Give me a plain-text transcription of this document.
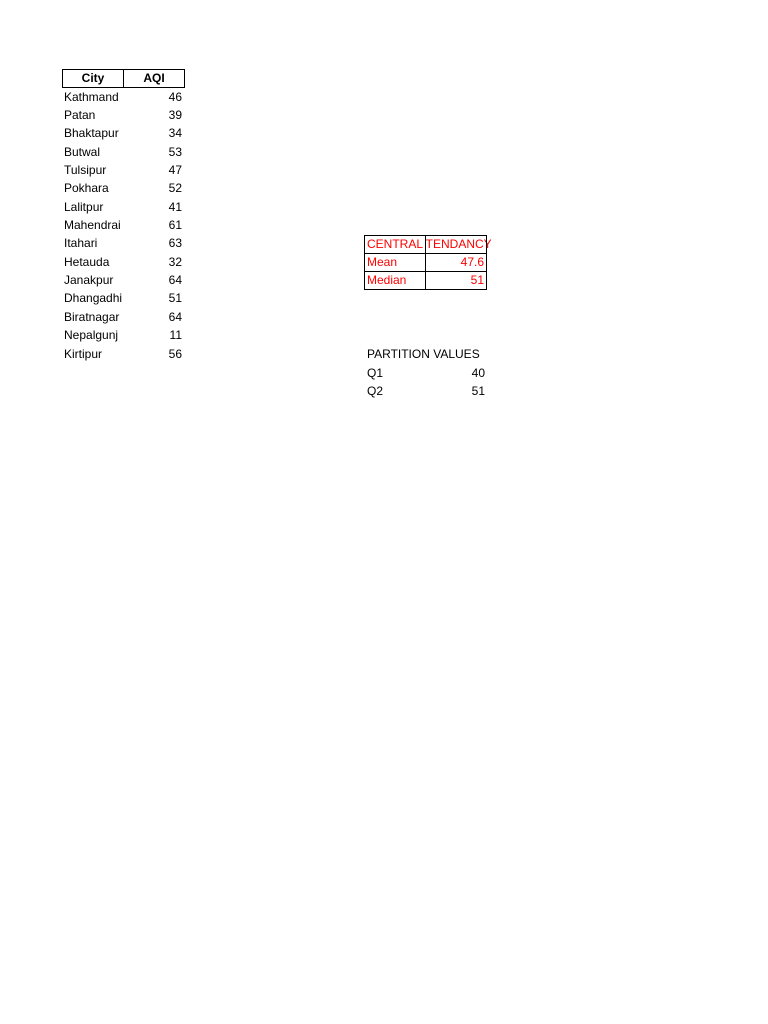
City	AQI
Kathmand	46
Patan	39
Bhaktapur	34
Butwal	53
Tulsipur	47
Pokhara	52
Lalitpur	41
Mahendrai	61
Itahari	63
Hetauda	32
Janakpur	64
Dhangadhi	51
Biratnagar	64
Nepalgunj	11
Kirtipur	56
CENTRAL TENDANCY
Mean	47.6
Median	51
PARTITION VALUES
Q1	40
Q2	51
